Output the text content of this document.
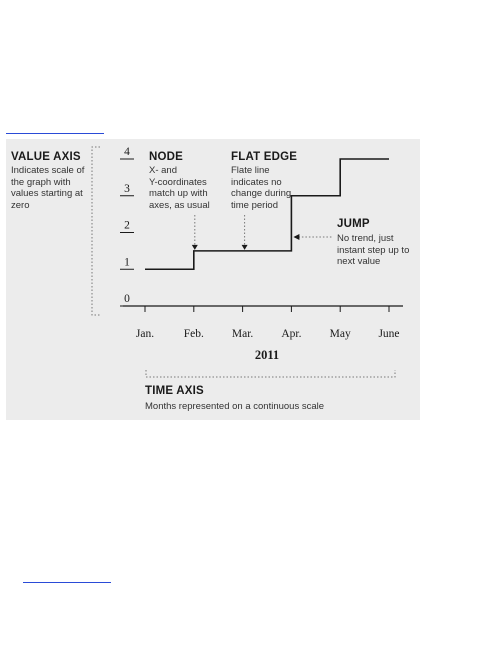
0
1
2
3
4
Jan.	Feb. Mar. Apr. May June
2011
VALUE AXIS
Indicates scale of
the graph with
values starting at
zero
NODE
X- and
Y-coordinates
match up with
axes, as usual
FLAT EDGE
Flate line
indicates no
change during
time period
JUMP
No trend, just
instant step up to
next value
TIME AXIS
Months represented on a continuous scale
